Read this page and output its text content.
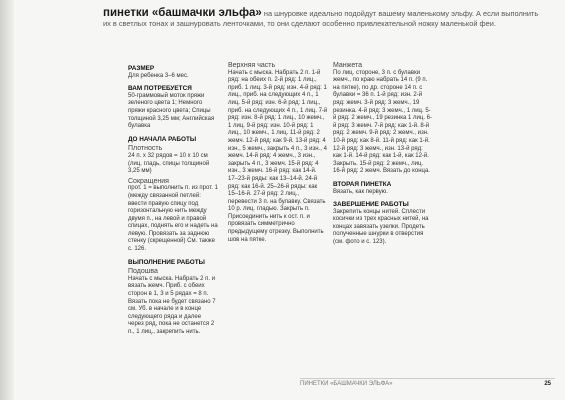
пинетки «башмачки эльфа» на шнуровке идеально подойдут вашему маленькому эльфу. А если выполнить их в светлых тонах и зашнуровать ленточками, то они сделают особенно привлекательной ножку маленькой феи.
РАЗМЕР

Для ребенка 3–6 мес.

ВАМ ПОТРЕБУЕТСЯ

50-граммовый моток пряжи зеленого цвета 1; Немного пряжи красного цвета; Спицы толщиной 3,25 мм; Английская булавка

ДО НАЧАЛА РАБОТЫ
Плотность

24 п. х 32 рядов = 10 х 10 см (лиц. гладь, спицы толщиной 3,25 мм)

Сокращения

прот. 1 = выполнить п. из прот. 1 (между связанной петлей: ввести правую спицу под горизонтальную нить между двумя п., на левой и правой спицах, поднять его и надеть на левую. Провязать за заднюю стенку (скрещенной) См. также с. 126.

ВЫПОЛНЕНИЕ РАБОТЫ
Подошва

Начать с мыска. Набрать 2 п. и вязать жемч. Приб. с обеих сторон в 1, 3 и 5 рядах = 8 п. Вязать пока не будет связано 7 см. Уб. в начале и в конце следующего ряда и далее через ряд, пока не останется 2 п., 1 лиц., закрепить нить.

Верхняя часть

Начать с мыска. Набрать 2 п. 1-й ряд: на обеих п. 2-й ряд: 1 лиц., приб. 1 лиц. 3-й ряд: изн. 4-й ряд: 1 лиц., приб. на следующих 4 п., 1 лиц. 5-й ряд: изн. 6-й ряд: 1 лиц., приб. на следующих 4 п., 1 лиц. 7-й ряд: изн. 8-й ряд: 1 лиц., 10 жемч., 1 лиц. 9-й ряд: изн. 10-й ряд: 1 лиц., 10 жемч., 1 лиц. 11-й ряд: 2 жемч. 12-й ряд: как 9-й. 13-й ряд: 4 изн., 5 жемч., закрыть 4 п., 3 изн., 4 жемч. 14-й ряд: 4 жемч., 3 изн., закрыть 4 п., 3 жемч. 15-й ряд: 4 изн., 3 жемч. 16-й ряд: как 14-й. 17–23-й ряды: как 13–14-й. 24-й ряд: как 16-й. 25–26-й ряды: как 15–16-й. 27-й ряд: 2 лиц., перевести 3 п. на булавку. Связать 10 р. лиц. гладью. Закрыть п. Присоединить нить к ост. п. и провязать симметрично предыдущему отрезку. Выполнить шов на пятке.

Манжета

По лиц. стороне, 3 п. с булавки жемч., по краю набрать 14 п. (9 п. на пятке), по др. стороне 14 п. с булавки = 36 п. 1-й ряд: изн. 2-й ряд: жемч. 3-й ряд: 3 жемч., 19 резинка. 4-й ряд: 3 жемч., 1 лиц. 5-й ряд: 2 жемч., 19 резинка 1 лиц. 6-й ряд: 3 жемч. 7-й ряд: как 1-й. 8-й ряд: 2 жемч. 9-й ряд: 2 жемч., изн. 10-й ряд: как 8-й. 11-й ряд: как 1-й. 12-й ряд: 3 жемч., изн. 13-й ряд: как 1-й. 14-й ряд: как 1-й, как 12-й. Закрыть. 15-й ряд: 2 жемч., лиц. 16-й ряд: 2 жемч. Вязать до конца.

ВТОРАЯ ПИНЕТКА

Вязать, как первую.

ЗАВЕРШЕНИЕ РАБОТЫ

Закрепить концы нитей. Сплести косички из трех красных нитей, на концах завязать узелки. Продеть полученные шнурки в отверстия (см. фото и с. 123).

ПИНЕТКИ «БАШМАЧКИ ЭЛЬФА»	25
